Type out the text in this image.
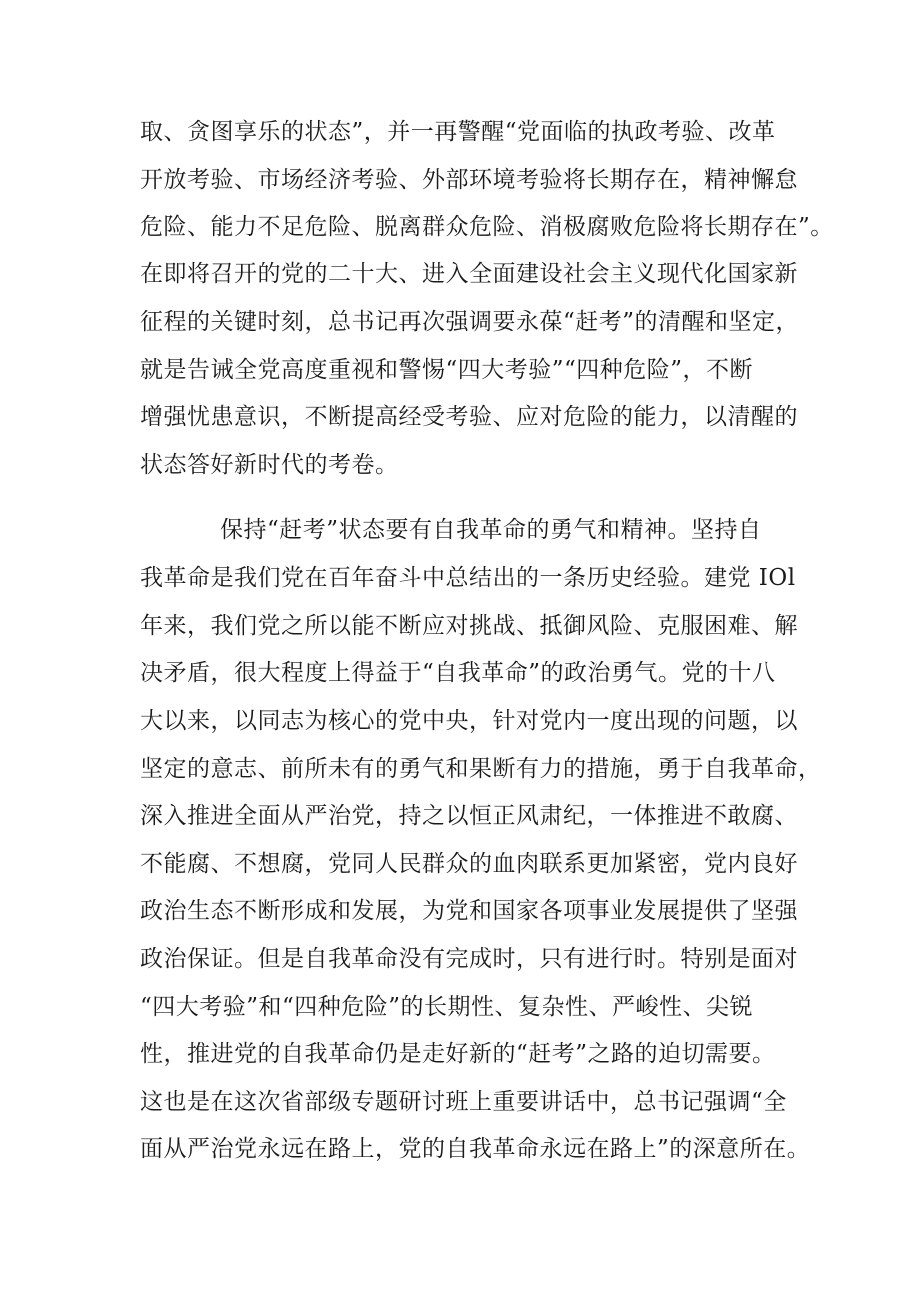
取、贪图享乐的状态”，并一再警醒“党面临的执政考验、改革
开放考验、市场经济考验、外部环境考验将长期存在，精神懈怠
危险、能力不足危险、脱离群众危险、消极腐败危险将长期存在”。
在即将召开的党的二十大、进入全面建设社会主义现代化国家新
征程的关键时刻，总书记再次强调要永葆“赶考”的清醒和坚定，
就是告诫全党高度重视和警惕“四大考验”“四种危险”，不断
增强忧患意识，不断提高经受考验、应对危险的能力，以清醒的
状态答好新时代的考卷。
保持“赶考”状态要有自我革命的勇气和精神。坚持自
我革命是我们党在百年奋斗中总结出的一条历史经验。建党 IOl
年来，我们党之所以能不断应对挑战、抵御风险、克服困难、解
决矛盾，很大程度上得益于“自我革命”的政治勇气。党的十八
大以来，以同志为核心的党中央，针对党内一度出现的问题，以
坚定的意志、前所未有的勇气和果断有力的措施，勇于自我革命，
深入推进全面从严治党，持之以恒正风肃纪，一体推进不敢腐、
不能腐、不想腐，党同人民群众的血肉联系更加紧密，党内良好
政治生态不断形成和发展，为党和国家各项事业发展提供了坚强
政治保证。但是自我革命没有完成时，只有进行时。特别是面对
“四大考验”和“四种危险”的长期性、复杂性、严峻性、尖锐
性，推进党的自我革命仍是走好新的“赶考”之路的迫切需要。
这也是在这次省部级专题研讨班上重要讲话中，总书记强调“全
面从严治党永远在路上，党的自我革命永远在路上”的深意所在。
